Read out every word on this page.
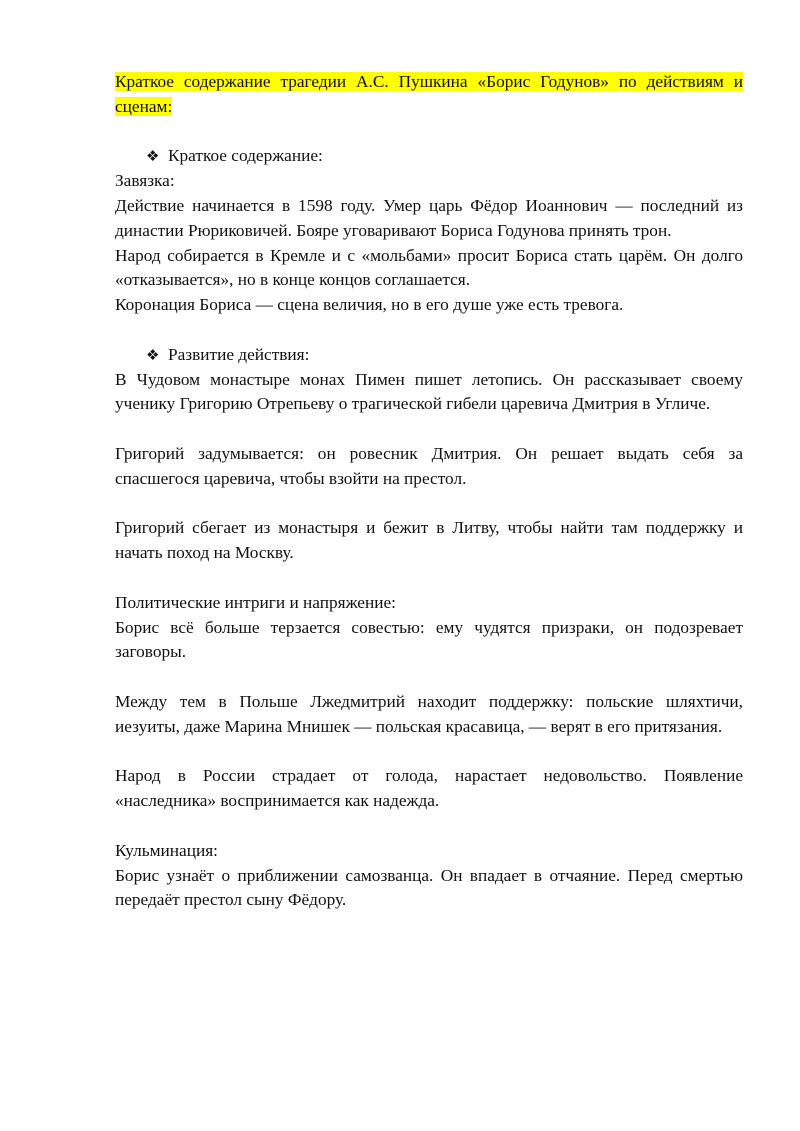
Краткое содержание трагедии А.С. Пушкина «Борис Годунов» по действиям и сценам:
❖ Краткое содержание:
Завязка:

Действие начинается в 1598 году. Умер царь Фёдор Иоаннович — последний из династии Рюриковичей. Бояре уговаривают Бориса Годунова принять трон.

Народ собирается в Кремле и с «мольбами» просит Бориса стать царём. Он долго «отказывается», но в конце концов соглашается.

Коронация Бориса — сцена величия, но в его душе уже есть тревога.

❖ Развитие действия:

В Чудовом монастыре монах Пимен пишет летопись. Он рассказывает своему ученику Григорию Отрепьеву о трагической гибели царевича Дмитрия в Угличе.

Григорий задумывается: он ровесник Дмитрия. Он решает выдать себя за спасшегося царевича, чтобы взойти на престол.

Григорий сбегает из монастыря и бежит в Литву, чтобы найти там поддержку и начать поход на Москву.

Политические интриги и напряжение:

Борис всё больше терзается совестью: ему чудятся призраки, он подозревает заговоры.

Между тем в Польше Лжедмитрий находит поддержку: польские шляхтичи, иезуиты, даже Марина Мнишек — польская красавица, — верят в его притязания.

Народ в России страдает от голода, нарастает недовольство. Появление «наследника» воспринимается как надежда.

Кульминация:

Борис узнаёт о приближении самозванца. Он впадает в отчаяние. Перед смертью передаёт престол сыну Фёдору.
